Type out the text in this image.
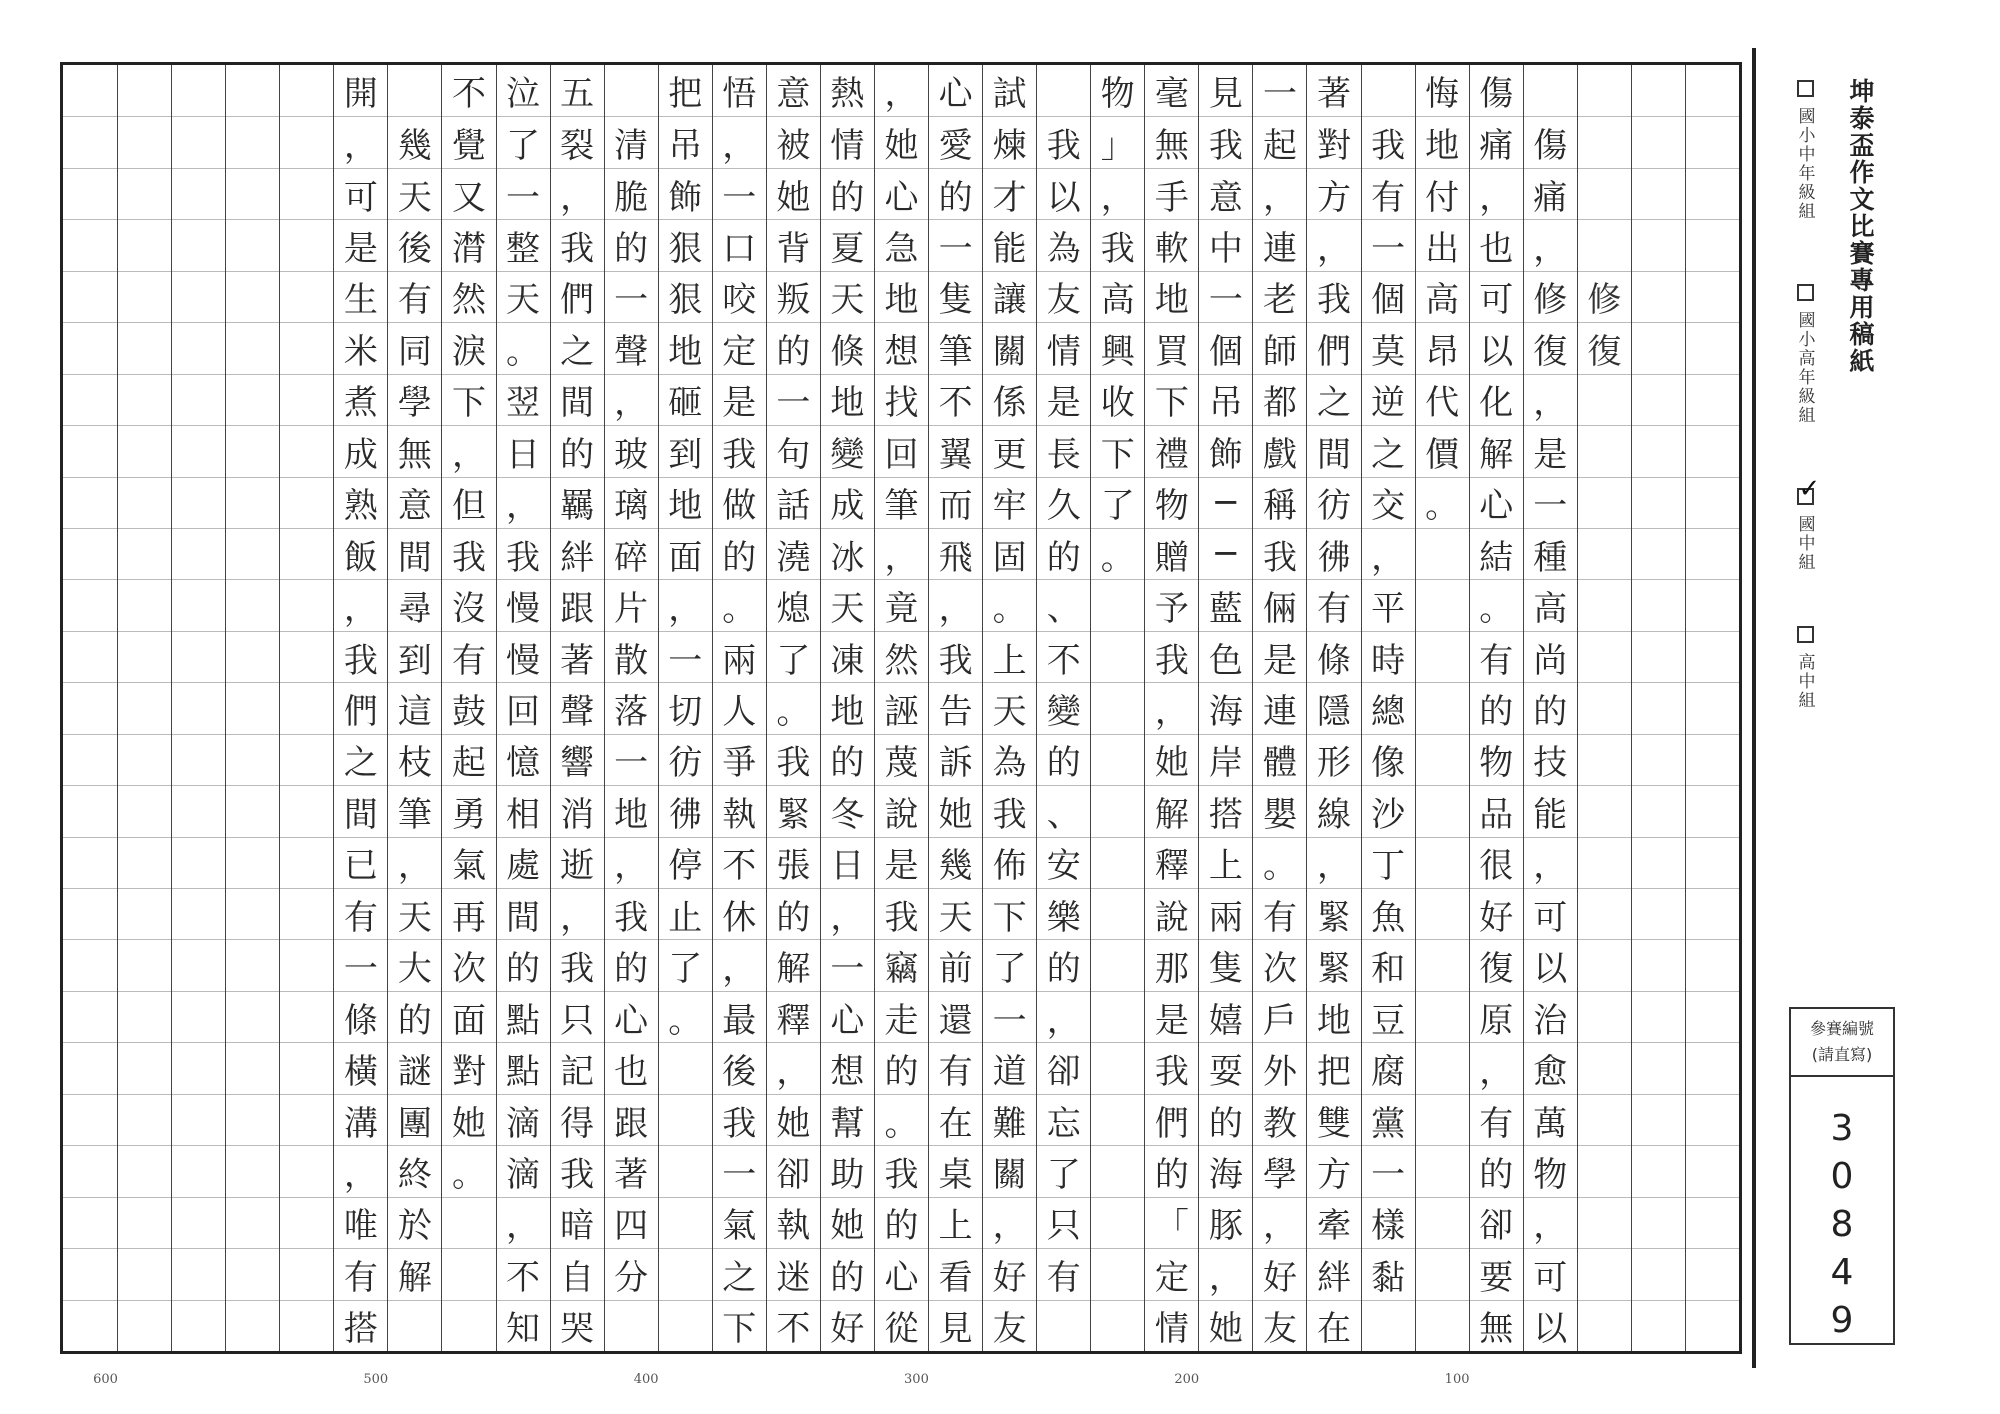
修
復
傷
痛
，
修
復
，
是
一
種
高
尚
的
技
能
，
可
以
治
愈
萬
物
，
可
以
傷
痛
，
也
可
以
化
解
心
結
。
有
的
物
品
很
好
復
原
，
有
的
卻
要
無
悔
地
付
出
高
昂
代
價
。
我
有
一
個
莫
逆
之
交
，
平
時
總
像
沙
丁
魚
和
豆
腐
黨
一
樣
黏
著
對
方
，
我
們
之
間
彷
彿
有
條
隱
形
線
，
緊
緊
地
把
雙
方
牽
絆
在
一
起
，
連
老
師
都
戲
稱
我
倆
是
連
體
嬰
。
有
次
戶
外
教
學
，
好
友
見
我
意
中
一
個
吊
飾
─
─
藍
色
海
岸
搭
上
兩
隻
嬉
耍
的
海
豚
，
她
毫
無
手
軟
地
買
下
禮
物
贈
予
我
，
她
解
釋
說
那
是
我
們
的
「
定
情
物
」
，
我
高
興
收
下
了
。
我
以
為
友
情
是
長
久
的
、
不
變
的
、
安
樂
的
，
卻
忘
了
只
有
試
煉
才
能
讓
關
係
更
牢
固
。
上
天
為
我
佈
下
了
一
道
難
關
，
好
友
心
愛
的
一
隻
筆
不
翼
而
飛
，
我
告
訴
她
幾
天
前
還
有
在
桌
上
看
見
，
她
心
急
地
想
找
回
筆
，
竟
然
誣
蔑
說
是
我
竊
走
的
。
我
的
心
從
熱
情
的
夏
天
倏
地
變
成
冰
天
凍
地
的
冬
日
，
一
心
想
幫
助
她
的
好
意
被
她
背
叛
的
一
句
話
澆
熄
了
。
我
緊
張
的
解
釋
，
她
卻
執
迷
不
悟
，
一
口
咬
定
是
我
做
的
。
兩
人
爭
執
不
休
，
最
後
我
一
氣
之
下
把
吊
飾
狠
狠
地
砸
到
地
面
，
一
切
彷
彿
停
止
了
。
清
脆
的
一
聲
，
玻
璃
碎
片
散
落
一
地
，
我
的
心
也
跟
著
四
分
五
裂
，
我
們
之
間
的
羈
絆
跟
著
聲
響
消
逝
，
我
只
記
得
我
暗
自
哭
泣
了
一
整
天
。
翌
日
，
我
慢
慢
回
憶
相
處
間
的
點
點
滴
滴
，
不
知
不
覺
又
潸
然
淚
下
，
但
我
沒
有
鼓
起
勇
氣
再
次
面
對
她
。
幾
天
後
有
同
學
無
意
間
尋
到
這
枝
筆
，
天
大
的
謎
團
終
於
解
開
，
可
是
生
米
煮
成
熟
飯
，
我
們
之
間
已
有
一
條
橫
溝
，
唯
有
搭
100
200
300
400
500
600
坤泰盃作文比賽專用稿紙
國小中年級組
國小高年級組
✓
國中組
高中組
參賽編號
(請直寫)
3
0
8
4
9
